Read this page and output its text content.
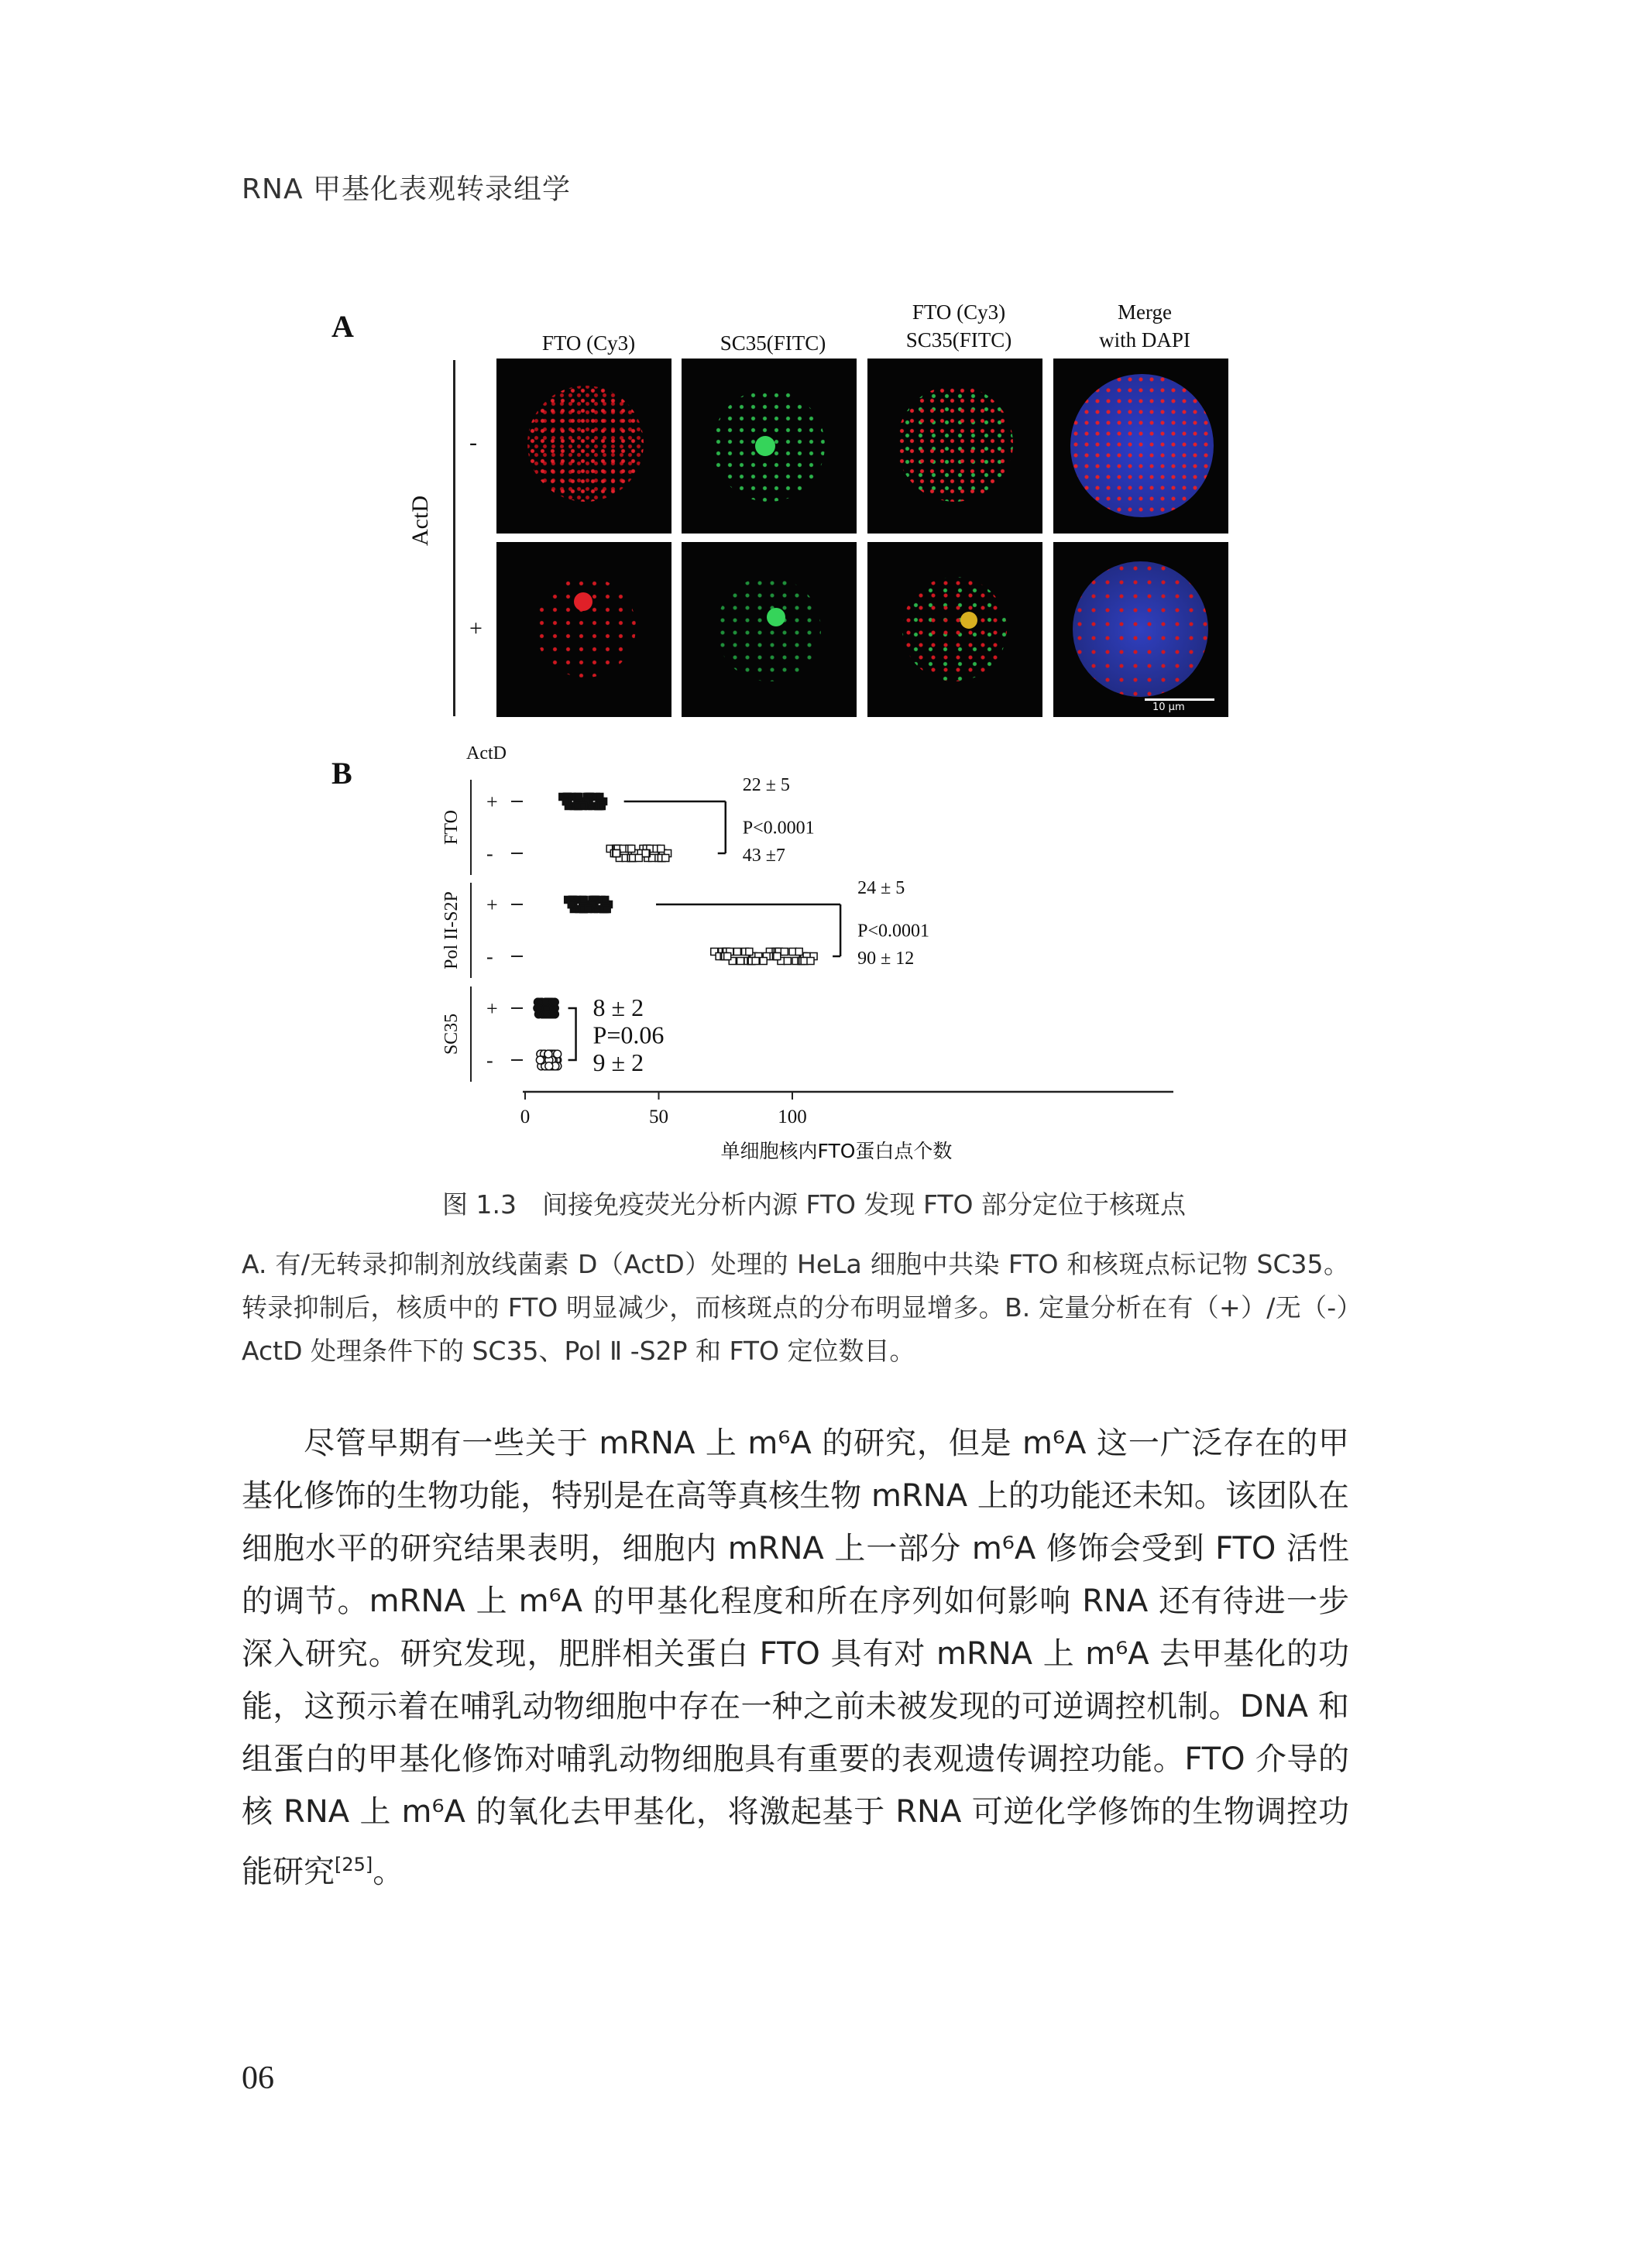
RNA 甲基化表观转录组学
A	FTO (Cy3)	SC35(FITC)
FTO (Cy3)
SC35(FITC)
Merge
with DAPI
ActD
-
+
10 μm
B
ActD
0	50	100
单细胞核内FTO蛋白点个数
FTO
+
-
22 ± 5
P<0.0001
43 ±7
Pol II-S2P +
-
24 ± 5
P<0.0001
90 ± 12
SC35
+
-
8 ± 2
P=0.06
9 ± 2
图 1.3　间接免疫荧光分析内源 FTO 发现 FTO 部分定位于核斑点
A. 有/无转录抑制剂放线菌素 D（ActD）处理的 HeLa 细胞中共染 FTO 和核斑点标记物 SC35。转录抑制后，核质中的 FTO 明显减少，而核斑点的分布明显增多。B. 定量分析在有（+）/无（-）ActD 处理条件下的 SC35、Pol Ⅱ -S2P 和 FTO 定位数目。

尽管早期有一些关于 mRNA 上 m⁶A 的研究，但是 m⁶A 这一广泛存在的甲基化修饰的生物功能，特别是在高等真核生物 mRNA 上的功能还未知。该团队在细胞水平的研究结果表明，细胞内 mRNA 上一部分 m⁶A 修饰会受到 FTO 活性的调节。mRNA 上 m⁶A 的甲基化程度和所在序列如何影响 RNA 还有待进一步深入研究。研究发现，肥胖相关蛋白 FTO 具有对 mRNA 上 m⁶A 去甲基化的功能，这预示着在哺乳动物细胞中存在一种之前未被发现的可逆调控机制。DNA 和组蛋白的甲基化修饰对哺乳动物细胞具有重要的表观遗传调控功能。FTO 介导的核 RNA 上 m⁶A 的氧化去甲基化，将激起基于 RNA 可逆化学修饰的生物调控功能研究[25]。

06
